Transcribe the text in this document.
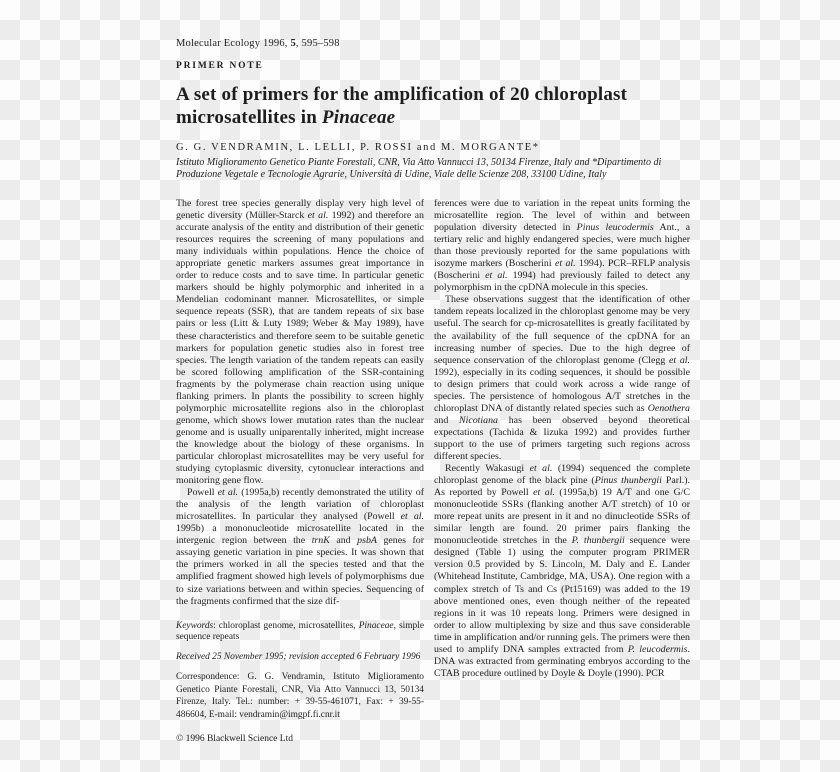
Molecular Ecology 1996, 5, 595–598
PRIMER NOTE
A set of primers for the amplification of 20 chloroplast microsatellites in Pinaceae
G. G. VENDRAMIN, L. LELLI, P. ROSSI and M. MORGANTE*
Istituto Miglioramento Genetico Piante Forestali, CNR, Via Atto Vannucci 13, 50134 Firenze, Italy and *Dipartimento di Produzione Vegetale e Tecnologie Agrarie, Università di Udine, Viale delle Scienze 208, 33100 Udine, Italy

The forest tree species generally display very high level of genetic diversity (Müller-Starck et al. 1992) and therefore an accurate analysis of the entity and distribution of their genetic resources requires the screening of many populations and many individuals within populations. Hence the choice of appropriate genetic markers assumes great importance in order to reduce costs and to save time. In particular genetic markers should be highly polymorphic and inherited in a Mendelian codominant manner. Microsatellites, or simple sequence repeats (SSR), that are tandem repeats of six base pairs or less (Litt & Luty 1989; Weber & May 1989), have these characteristics and therefore seem to be suitable genetic markers for population genetic studies also in forest tree species. The length variation of the tandem repeats can easily be scored following amplification of the SSR-containing fragments by the polymerase chain reaction using unique flanking primers. In plants the possibility to screen highly polymorphic microsatellite regions also in the chloroplast genome, which shows lower mutation rates than the nuclear genome and is usually uniparentally inherited, might increase the knowledge about the biology of these organisms. In particular chloroplast microsatellites may be very useful for studying cytoplasmic diversity, cytonuclear interactions and monitoring gene flow.

Powell et al. (1995a,b) recently demonstrated the utility of the analysis of the length variation of chloroplast microsatellites. In particular they analysed (Powell et al. 1995b) a mononucleotide microsatellite located in the intergenic region between the trnK and psbA genes for assaying genetic variation in pine species. It was shown that the primers worked in all the species tested and that the amplified fragment showed high levels of polymorphisms due to size variations between and within species. Sequencing of the fragments confirmed that the size dif-

Keywords: chloroplast genome, microsatellites, Pinaceae, simple sequence repeats

Received 25 November 1995; revision accepted 6 February 1996

Correspondence: G. G. Vendramin, Istituto Miglioramento Genetico Piante Forestali, CNR, Via Atto Vannucci 13, 50134 Firenze, Italy. Tel.: number: + 39-55-461071, Fax: + 39-55-486604, E-mail: vendramin@imgpf.fi.cnr.it

© 1996 Blackwell Science Ltd

ferences were due to variation in the repeat units forming the microsatellite region. The level of within and between population diversity detected in Pinus leucodermis Ant., a tertiary relic and highly endangered species, were much higher than those previously reported for the same populations with isozyme markers (Boscherini et al. 1994). PCR–RFLP analysis (Boscherini et al. 1994) had previously failed to detect any polymorphism in the cpDNA molecule in this species.

These observations suggest that the identification of other tandem repeats localized in the chloroplast genome may be very useful. The search for cp-microsatellites is greatly facilitated by the availability of the full sequence of the cpDNA for an increasing number of species. Due to the high degree of sequence conservation of the chloroplast genome (Clegg et al. 1992), especially in its coding sequences, it should be possible to design primers that could work across a wide range of species. The persistence of homologous A/T stretches in the chloroplast DNA of distantly related species such as Oenothera and Nicotiana has been observed beyond theoretical expectations (Tachida & Iizuka 1992) and provides further support to the use of primers targeting such regions across different species.

Recently Wakasugi et al. (1994) sequenced the complete chloroplast genome of the black pine (Pinus thunbergii Parl.). As reported by Powell et al. (1995a,b) 19 A/T and one G/C mononucleotide SSRs (flanking another A/T stretch) of 10 or more repeat units are present in it and no dinucleotide SSRs of similar length are found. 20 primer pairs flanking the mononucleotide stretches in the P. thunbergii sequence were designed (Table 1) using the computer program PRIMER version 0.5 provided by S. Lincoln, M. Daly and E. Lander (Whitehead Institute, Cambridge, MA, USA). One region with a complex stretch of Ts and Cs (Pt15169) was added to the 19 above mentioned ones, even though neither of the repeated regions in it was 10 repeats long. Primers were designed in order to allow multiplexing by size and thus save considerable time in amplification and/or running gels. The primers were then used to amplify DNA samples extracted from P. leucodermis. DNA was extracted from germinating embryos according to the CTAB procedure outlined by Doyle & Doyle (1990). PCR
